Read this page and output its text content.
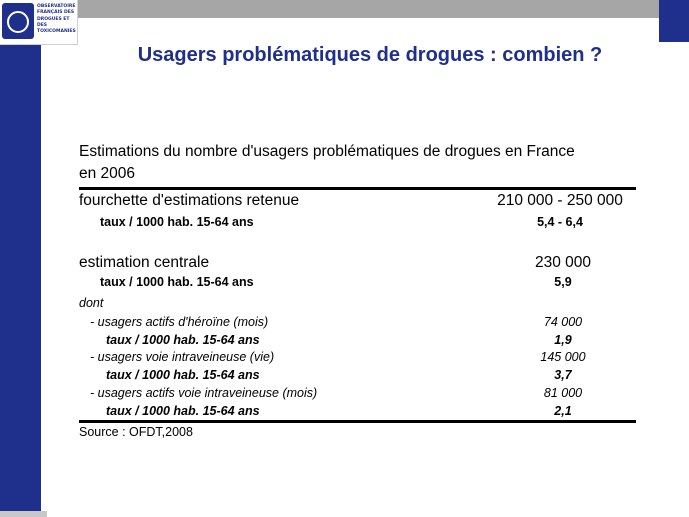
OBSERVATOIRE
FRANÇAIS DES
DROGUES ET DES
TOXICOMANIES
Usagers problématiques de drogues : combien ?
Estimations du nombre d'usagers problématiques de drogues en France
en 2006
fourchette d'estimations retenue	210 000 - 250 000
taux / 1000 hab. 15-64 ans	5,4 - 6,4
estimation centrale	230 000
taux / 1000 hab. 15-64 ans	5,9
dont
- usagers actifs d'héroïne (mois)	74 000
taux / 1000 hab. 15-64 ans	1,9
- usagers voie intraveineuse (vie)	145 000
taux / 1000 hab. 15-64 ans	3,7
- usagers actifs voie intraveineuse (mois)	81 000
taux / 1000 hab. 15-64 ans	2,1
Source : OFDT,2008
